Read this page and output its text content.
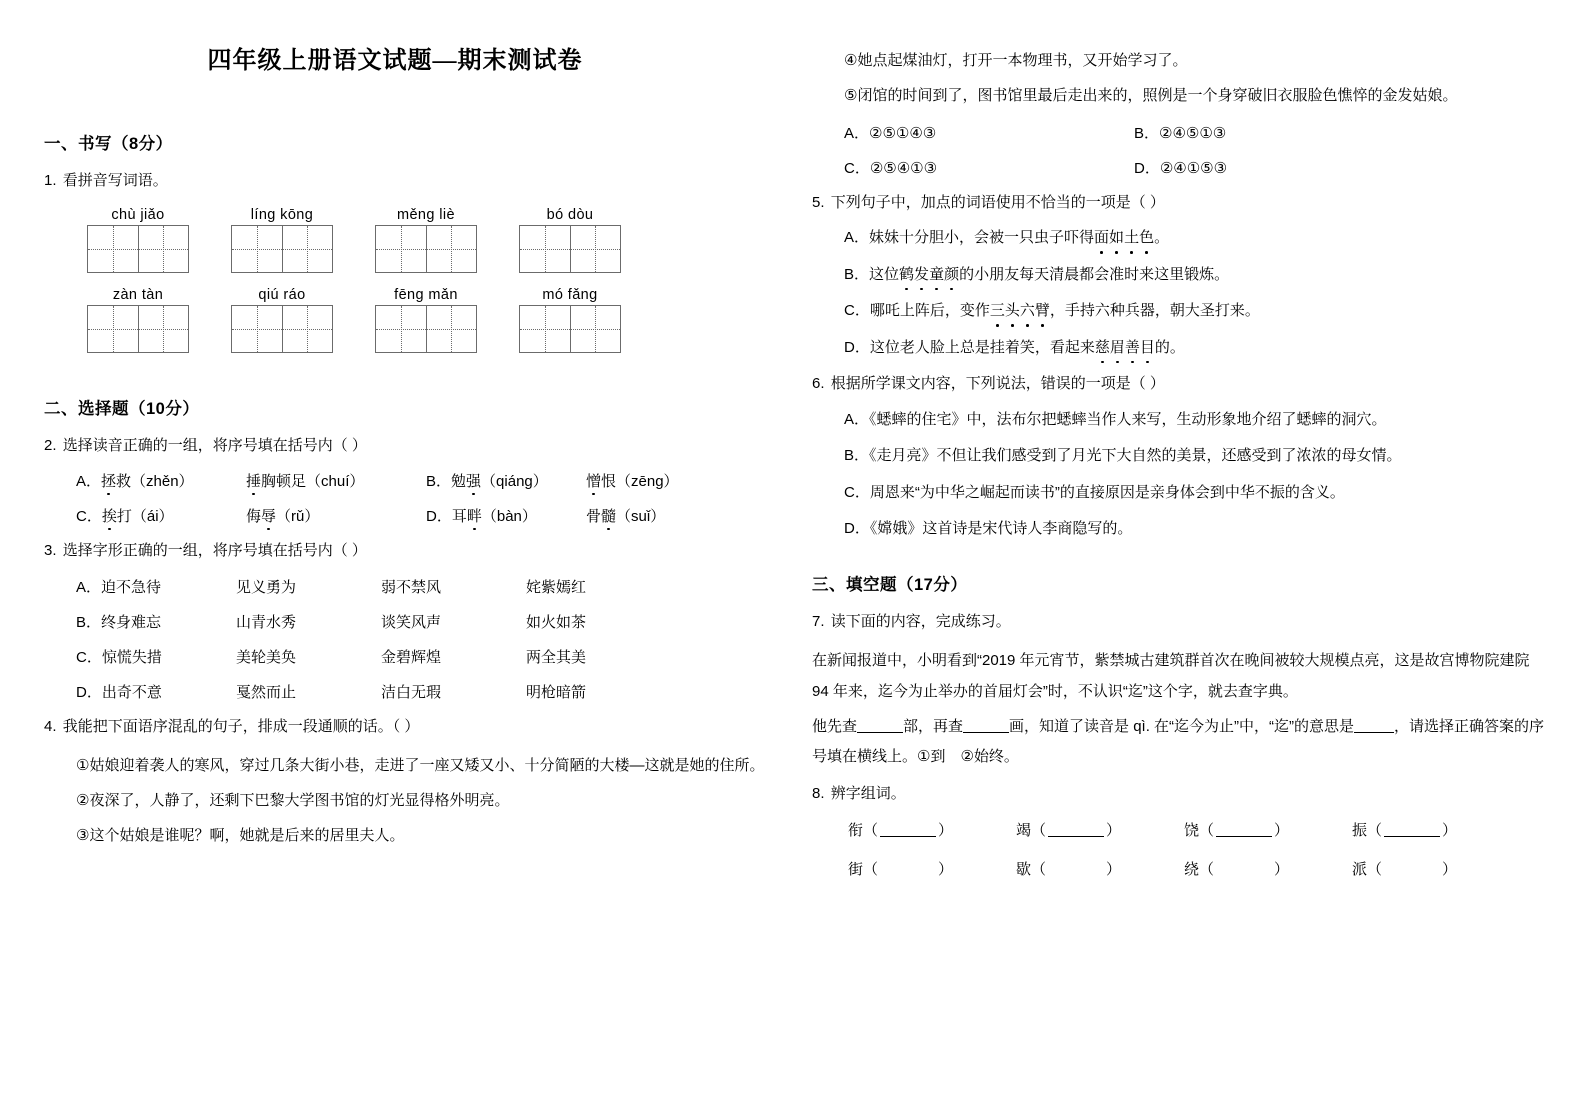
四年级上册语文试题—期末测试卷
一、书写（8分）
1. 看拼音写词语。
chù jiǎo	líng kōng	měng liè	bó dòu
zàn tàn	qiú ráo	fēng mǎn	mó fǎng
二、选择题（10分）
2. 选择读音正确的一组，将序号填在括号内（ ）
A．拯救（zhěn）	捶胸顿足（chuí）	B．勉强（qiáng）	憎恨（zēng）
C．挨打（ái）	侮辱（rǔ）	D．耳畔（bàn）	骨髓（suǐ）
3. 选择字形正确的一组，将序号填在括号内（ ）
A．迫不急待	见义勇为	弱不禁风	姹紫嫣红
B．终身难忘	山青水秀	谈笑风声	如火如茶
C．惊慌失措	美轮美奂	金碧辉煌	两全其美
D．出奇不意	戛然而止	洁白无瑕	明枪暗箭
4. 我能把下面语序混乱的句子，排成一段通顺的话。（ ）
①姑娘迎着袭人的寒风，穿过几条大街小巷，走进了一座又矮又小、十分简陋的大楼—这就是她的住所。
②夜深了，人静了，还剩下巴黎大学图书馆的灯光显得格外明亮。
③这个姑娘是谁呢？啊，她就是后来的居里夫人。
④她点起煤油灯，打开一本物理书，又开始学习了。
⑤闭馆的时间到了，图书馆里最后走出来的，照例是一个身穿破旧衣服脸色憔悴的金发姑娘。
A．②⑤①④③	B．②④⑤①③
C．②⑤④①③	D．②④①⑤③
5. 下列句子中，加点的词语使用不恰当的一项是（ ）
A．妹妹十分胆小，会被一只虫子吓得面如土色。
B．这位鹤发童颜的小朋友每天清晨都会准时来这里锻炼。
C．哪吒上阵后，变作三头六臂，手持六种兵器，朝大圣打来。
D．这位老人脸上总是挂着笑，看起来慈眉善目的。
6. 根据所学课文内容，下列说法，错误的一项是（ ）
A．《蟋蟀的住宅》中，法布尔把蟋蟀当作人来写，生动形象地介绍了蟋蟀的洞穴。
B．《走月亮》不但让我们感受到了月光下大自然的美景，还感受到了浓浓的母女情。
C．周恩来“为中华之崛起而读书”的直接原因是亲身体会到中华不振的含义。
D．《嫦娥》这首诗是宋代诗人李商隐写的。
三、填空题（17分）
7. 读下面的内容，完成练习。
在新闻报道中，小明看到“2019 年元宵节，紫禁城古建筑群首次在晚间被较大规模点亮，这是故宫博物院建院 94 年来，迄今为止举办的首届灯会”时，不认识“迄”这个字，就去查字典。
他先查	部，再查	画，知道了读音是 qì. 在“迄今为止”中，“迄”的意思是	，请选择正确答案的序号填在横线上。①到　②始终。
8. 辨字组词。
衔（	）	竭（	）	饶（	）	振（	）
街（	）	歇（	）	绕（	）	派（	）
